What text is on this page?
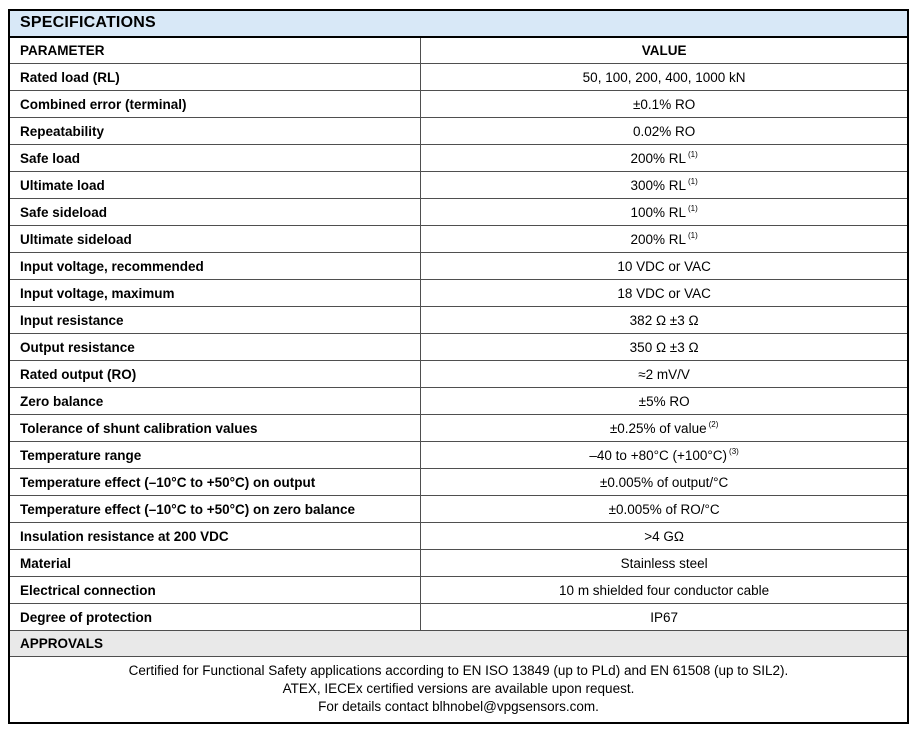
SPECIFICATIONS	
PARAMETER	VALUE
Rated load (RL)	50, 100, 200, 400, 1000 kN
Combined error (terminal)	±0.1% RO
Repeatability	0.02% RO
Safe load	200% RL $^{(1)}$
Ultimate load	300% RL $^{(1)}$
Safe sideload	100% RL $^{(1)}$
Ultimate sideload	200% RL $^{(1)}$
Input voltage, recommended	10 VDC or VAC
Input voltage, maximum	18 VDC or VAC
Input resistance	382 Ω ±3 Ω
Output resistance	350 Ω ±3 Ω
Rated output (RO)	≈2 mV/V
Zero balance	±5% RO
Tolerance of shunt calibration values	±0.25% of value $^{(2)}$
Temperature range	–40 to +80°C (+100°C) $^{(3)}$
Temperature effect (–10°C to +50°C) on output	±0.005% of output/°C
Temperature effect (–10°C to +50°C) on zero balance	±0.005% of RO/°C
Insulation resistance at 200 VDC	>4 GΩ
Material	Stainless steel
Electrical connection	10 m shielded four conductor cable
Degree of protection	IP67
APPROVALS	

Certified for Functional Safety applications according to EN ISO 13849 (up to PLd) and EN 61508 (up to SIL2).
ATEX, IECEx certified versions are available upon request.
For details contact blhnobel@vpgsensors.com.	
